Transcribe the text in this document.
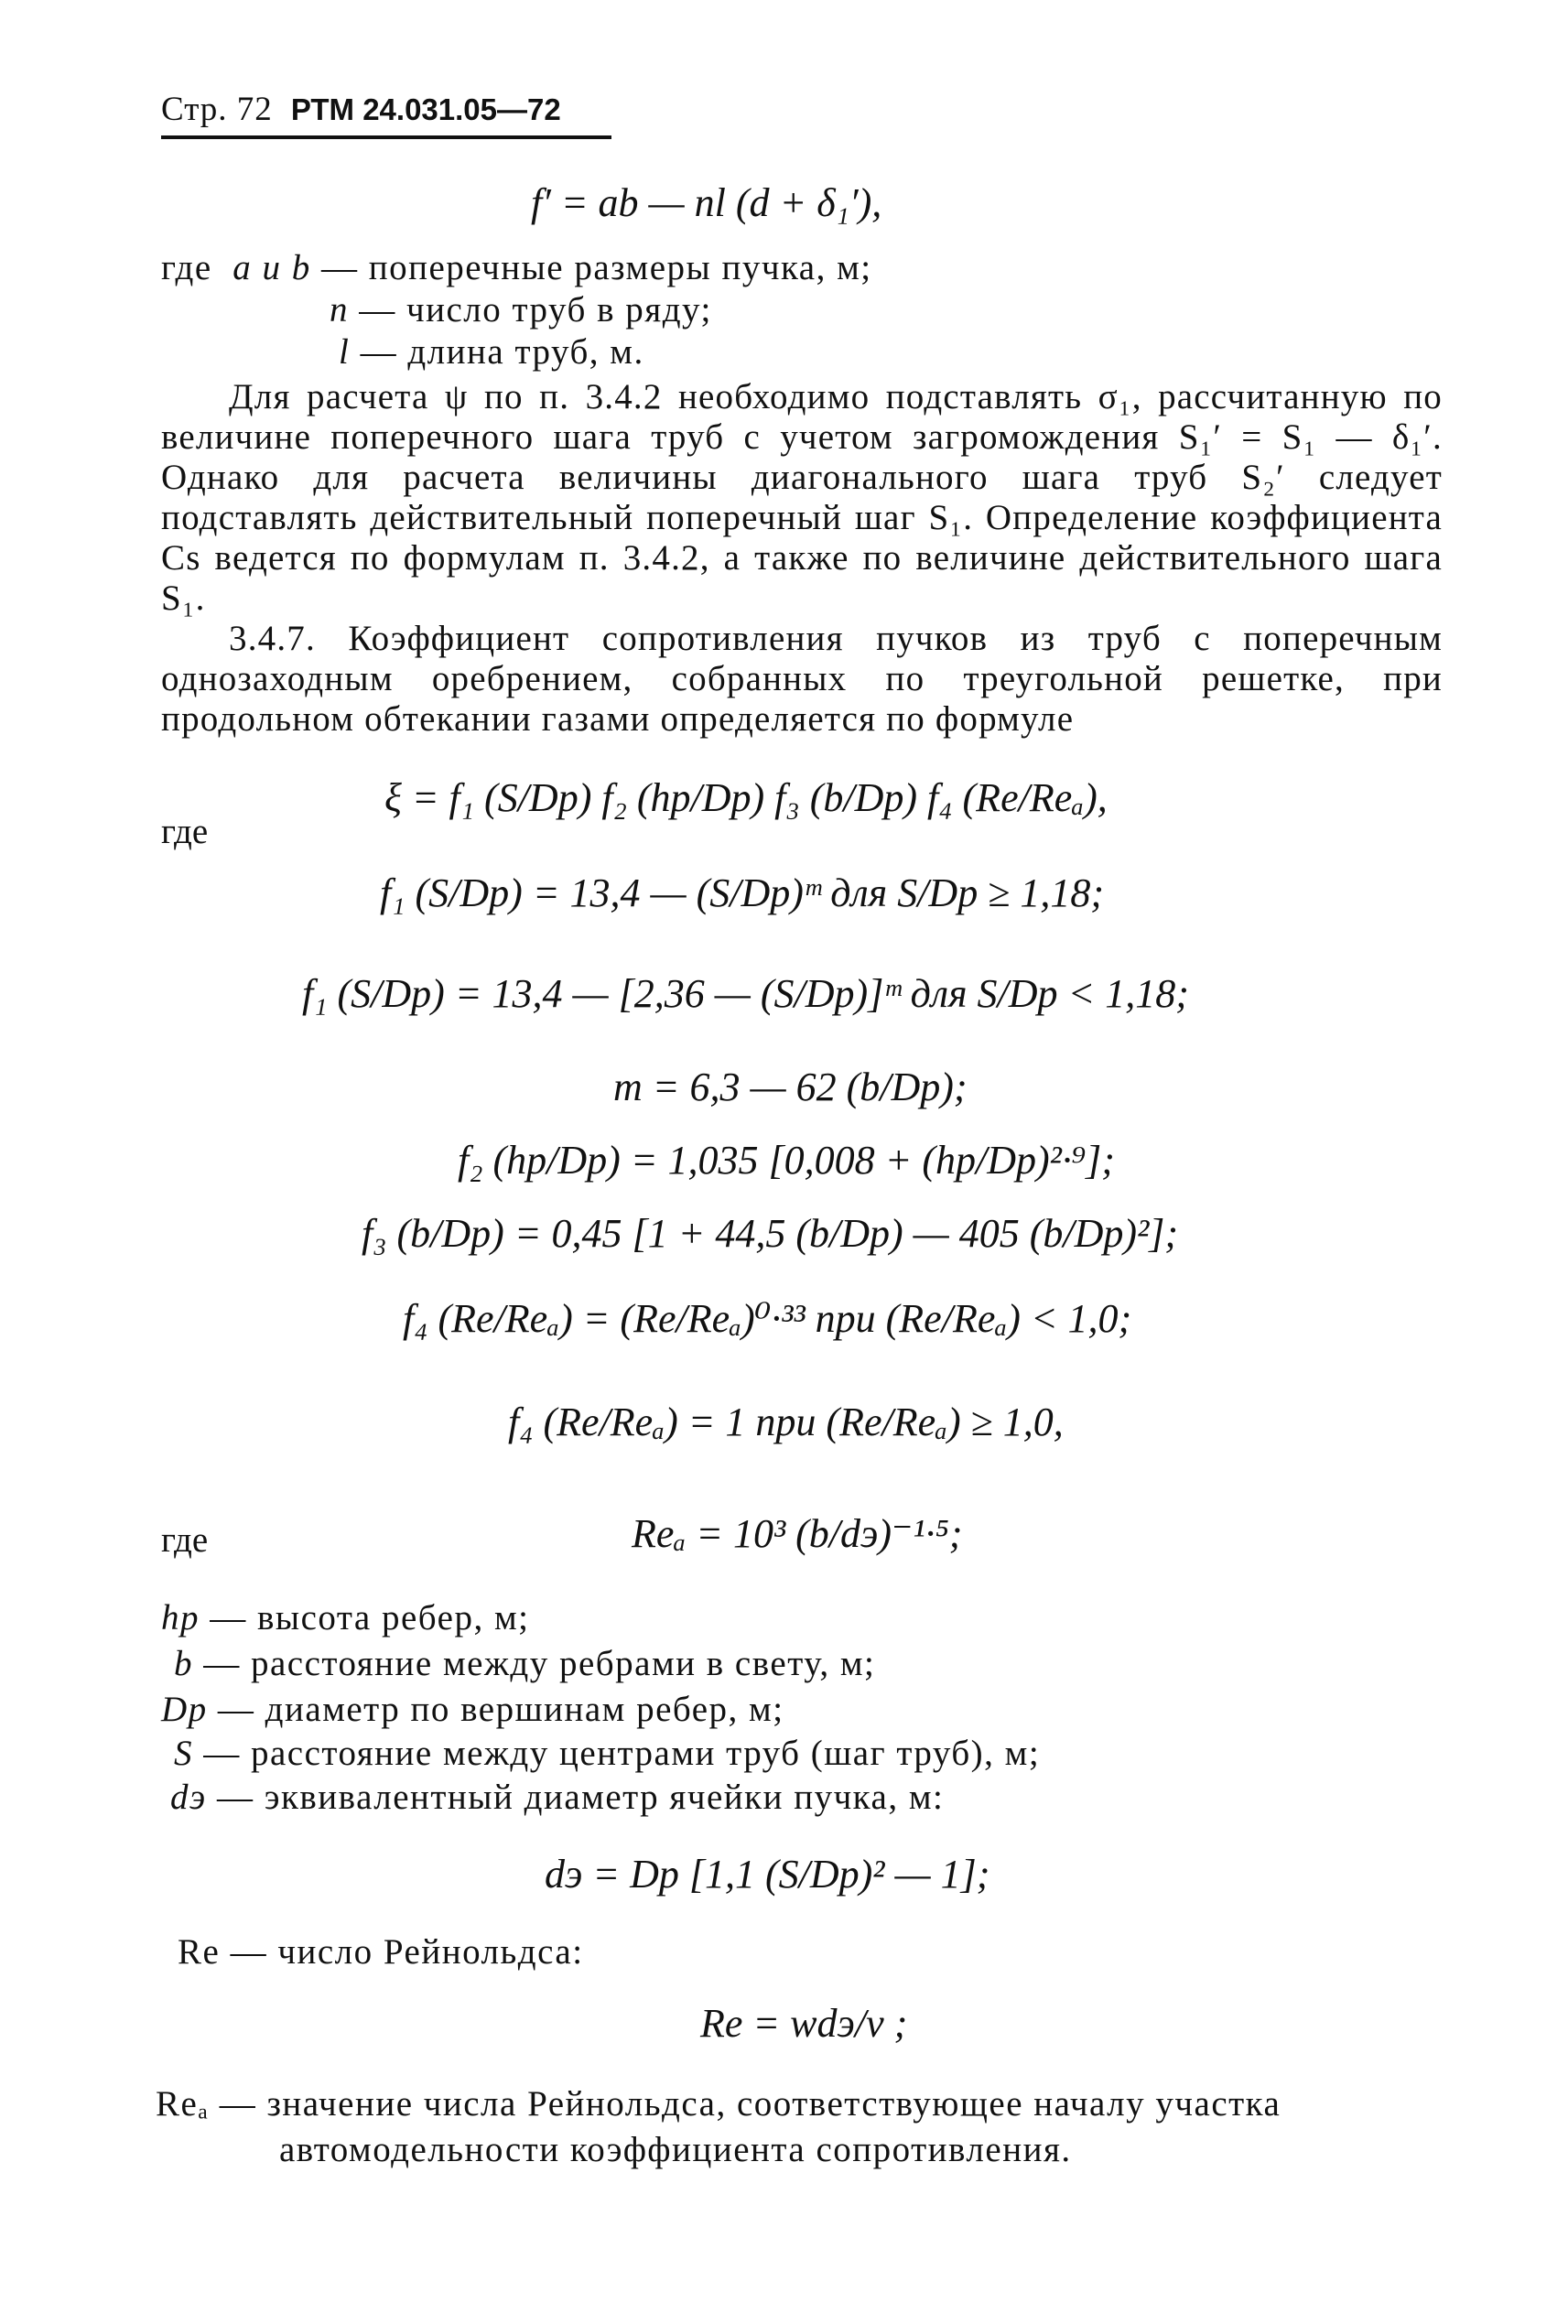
Стр. 72 РТМ 24.031.05—72
f′ = ab — nl (d + δ₁′),
где a и b — поперечные размеры пучка, м;
n — число труб в ряду;
l — длина труб, м.
Для расчета ψ по п. 3.4.2 необходимо подставлять σ₁, рассчитанную по величине поперечного шага труб с учетом загромождения S₁′ = S₁ — δ₁′. Однако для расчета величины диагонального шага труб S₂′ следует подставлять действительный поперечный шаг S₁. Определение коэффициента Cs ведется по формулам п. 3.4.2, а также по величине действительного шага S₁.
3.4.7. Коэффициент сопротивления пучков из труб с поперечным однозаходным оребрением, собранных по треугольной решетке, при продольном обтекании газами определяется по формуле
ξ = f₁ (S/Dp) f₂ (hp/Dp) f₃ (b/Dp) f₄ (Re/Reₐ),
где
f₁ (S/Dp) = 13,4 — (S/Dp)ᵐ для S/Dp ≥ 1,18;
f₁ (S/Dp) = 13,4 — [2,36 — (S/Dp)]ᵐ для S/Dp < 1,18;
m = 6,3 — 62 (b/Dp);
f₂ (hp/Dp) = 1,035 [0,008 + (hp/Dp)²·⁹];
f₃ (b/Dp) = 0,45 [1 + 44,5 (b/Dp) — 405 (b/Dp)²];
f₄ (Re/Reₐ) = (Re/Reₐ)⁰·³³ при (Re/Reₐ) < 1,0;
f₄ (Re/Reₐ) = 1 при (Re/Reₐ) ≥ 1,0,
где	Reₐ = 10³ (b/dэ)⁻¹·⁵;
hp — высота ребер, м;
b — расстояние между ребрами в свету, м;
Dp — диаметр по вершинам ребер, м;
S — расстояние между центрами труб (шаг труб), м;
dэ — эквивалентный диаметр ячейки пучка, м:
dэ = Dp [1,1 (S/Dp)² — 1];
Re — число Рейнольдса:
Re = wdэ/ν ;
Reₐ — значение числа Рейнольдса, соответствующее началу участка
автомодельности коэффициента сопротивления.
